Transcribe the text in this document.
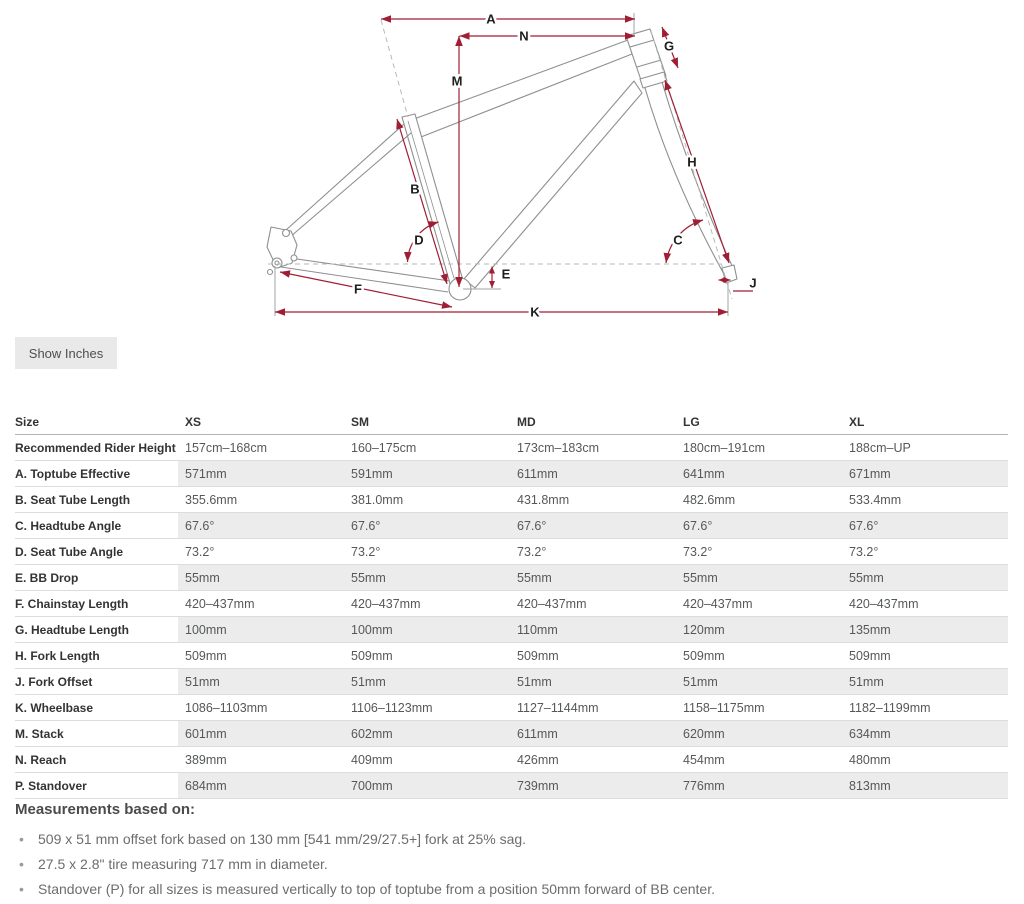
A
N
M
G
H
B
D	C
E
F
K
J
Show Inches
Size	XS	SM	MD	LG	XL
Recommended Rider Height	157cm–168cm	160–175cm	173cm–183cm	180cm–191cm	188cm–UP
A. Toptube Effective	571mm	591mm	611mm	641mm	671mm
B. Seat Tube Length	355.6mm	381.0mm	431.8mm	482.6mm	533.4mm
C. Headtube Angle	67.6°	67.6°	67.6°	67.6°	67.6°
D. Seat Tube Angle	73.2°	73.2°	73.2°	73.2°	73.2°
E. BB Drop	55mm	55mm	55mm	55mm	55mm
F. Chainstay Length	420–437mm	420–437mm	420–437mm	420–437mm	420–437mm
G. Headtube Length	100mm	100mm	110mm	120mm	135mm
H. Fork Length	509mm	509mm	509mm	509mm	509mm
J. Fork Offset	51mm	51mm	51mm	51mm	51mm
K. Wheelbase	1086–1103mm	1106–1123mm	1127–1144mm	1158–1175mm	1182–1199mm
M. Stack	601mm	602mm	611mm	620mm	634mm
N. Reach	389mm	409mm	426mm	454mm	480mm
P. Standover	684mm	700mm	739mm	776mm	813mm

Measurements based on:

• 509 x 51 mm offset fork based on 130 mm [541 mm/29/27.5+] fork at 25% sag.
• 27.5 x 2.8" tire measuring 717 mm in diameter.
• Standover (P) for all sizes is measured vertically to top of toptube from a position 50mm forward of BB center.
